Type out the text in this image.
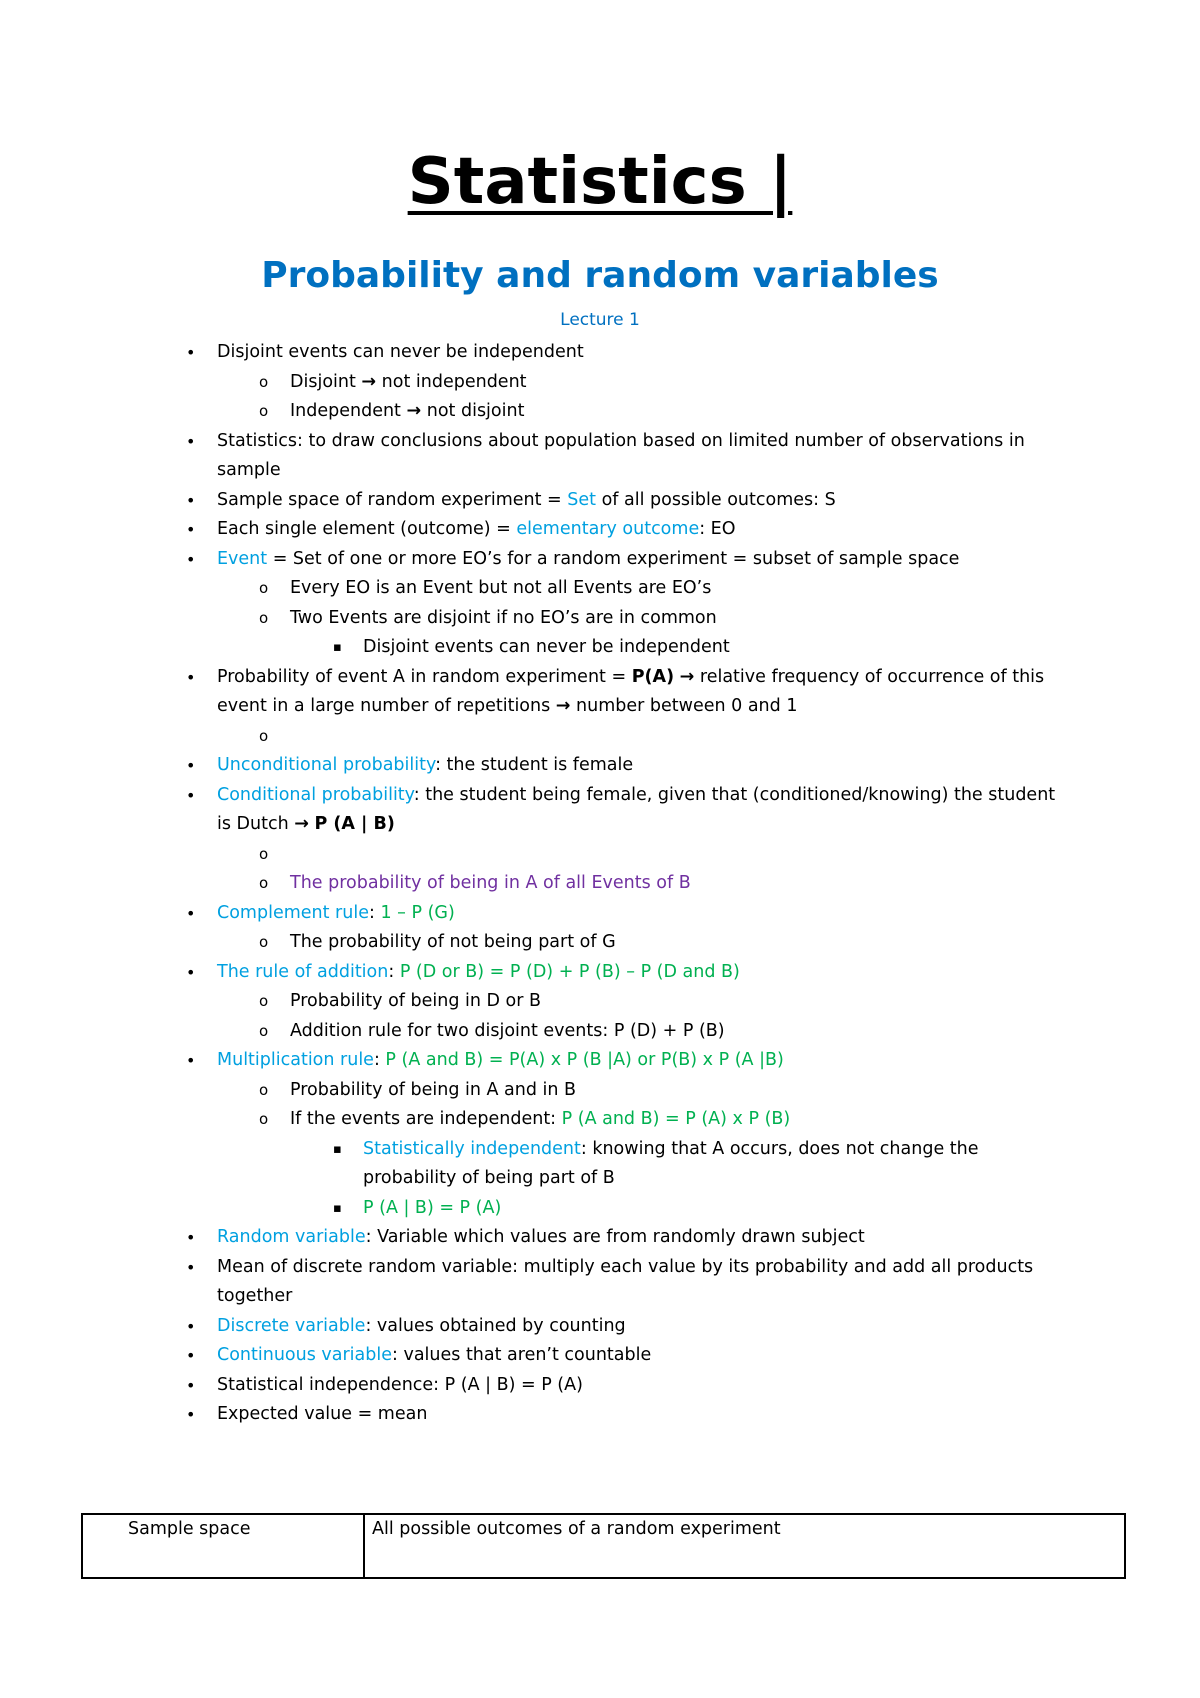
Statistics |
Probability and random variables
Lecture 1
• Disjoint events can never be independent
o Disjoint → not independent
o Independent → not disjoint
• Statistics: to draw conclusions about population based on limited number of observations in sample
• Sample space of random experiment = Set of all possible outcomes: S
• Each single element (outcome) = elementary outcome: EO
• Event = Set of one or more EO’s for a random experiment = subset of sample space
o Every EO is an Event but not all Events are EO’s
o Two Events are disjoint if no EO’s are in common
▪ Disjoint events can never be independent
• Probability of event A in random experiment = P(A) → relative frequency of occurrence of this event in a large number of repetitions → number between 0 and 1
o

• Unconditional probability: the student is female
• Conditional probability: the student being female, given that (conditioned/knowing) the student is Dutch → P (A | B)
o

o The probability of being in A of all Events of B
• Complement rule: 1 – P (G)
o The probability of not being part of G
• The rule of addition: P (D or B) = P (D) + P (B) – P (D and B)
o Probability of being in D or B
o Addition rule for two disjoint events: P (D) + P (B)
• Multiplication rule: P (A and B) = P(A) x P (B |A) or P(B) x P (A |B)
o Probability of being in A and in B
o If the events are independent: P (A and B) = P (A) x P (B)
▪ Statistically independent: knowing that A occurs, does not change the probability of being part of B
▪ P (A | B) = P (A)
• Random variable: Variable which values are from randomly drawn subject
• Mean of discrete random variable: multiply each value by its probability and add all products together
• Discrete variable: values obtained by counting
• Continuous variable: values that aren’t countable
• Statistical independence: P (A | B) = P (A)
• Expected value = mean
Sample space	All possible outcomes of a random experiment
